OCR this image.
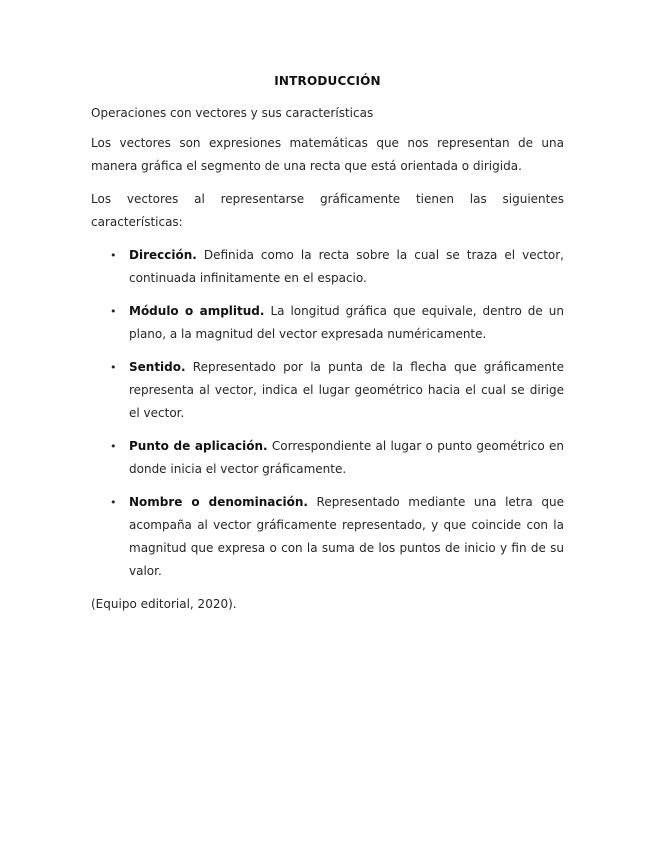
INTRODUCCIÓN

Operaciones con vectores y sus características

Los vectores son expresiones matemáticas que nos representan de una manera gráfica el segmento de una recta que está orientada o dirigida.

Los vectores al representarse gráficamente tienen las siguientes características:

• Dirección. Definida como la recta sobre la cual se traza el vector, continuada infinitamente en el espacio.
• Módulo o amplitud. La longitud gráfica que equivale, dentro de un plano, a la magnitud del vector expresada numéricamente.
• Sentido. Representado por la punta de la flecha que gráficamente representa al vector, indica el lugar geométrico hacia el cual se dirige el vector.
• Punto de aplicación. Correspondiente al lugar o punto geométrico en donde inicia el vector gráficamente.
• Nombre o denominación. Representado mediante una letra que acompaña al vector gráficamente representado, y que coincide con la magnitud que expresa o con la suma de los puntos de inicio y fin de su valor.

(Equipo editorial, 2020).
